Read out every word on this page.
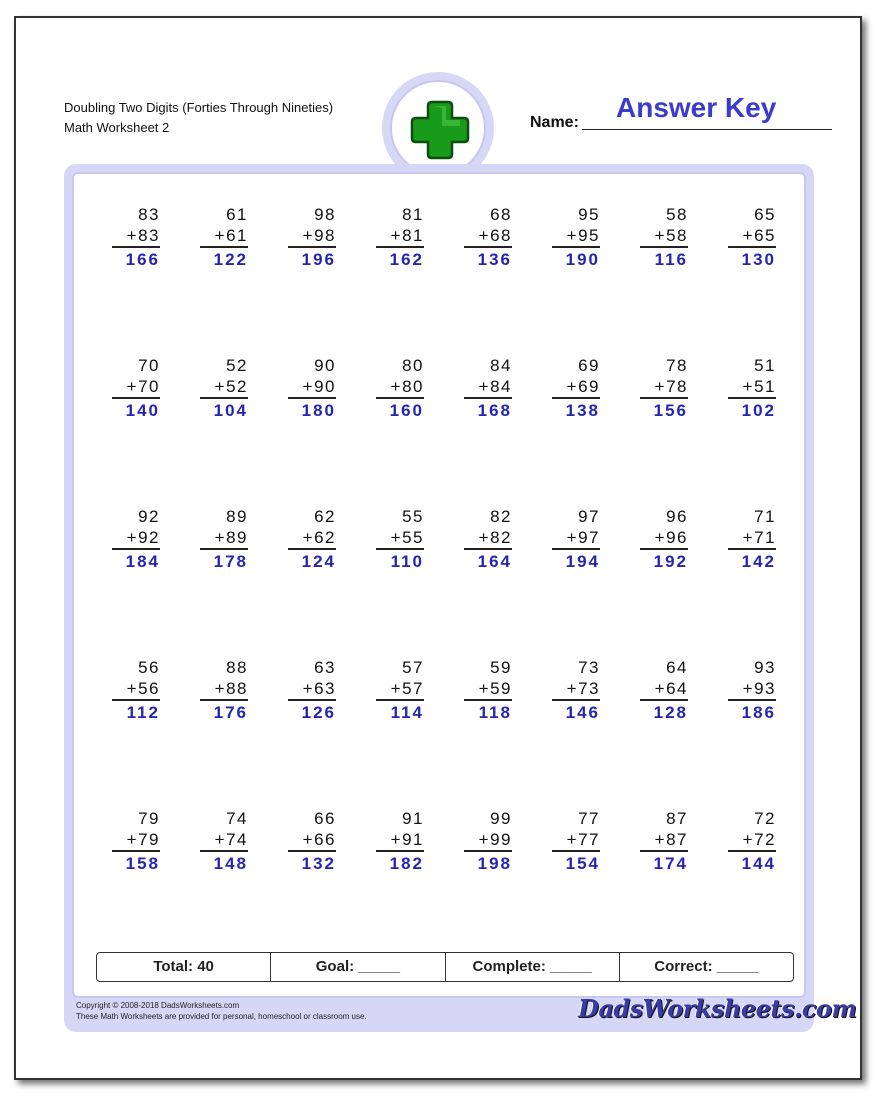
Doubling Two Digits (Forties Through Nineties)
Math Worksheet 2	Name: Answer Key
83
+83
166
61
+61
122
98
+98
196
81
+81
162
68
+68
136
95
+95
190
58
+58
116
65
+65
130
70
+70
140
52
+52
104
90
+90
180
80
+80
160
84
+84
168
69
+69
138
78
+78
156
51
+51
102
92
+92
184
89
+89
178
62
+62
124
55
+55
110
82
+82
164
97
+97
194
96
+96
192
71
+71
142
56
+56
112
88
+88
176
63
+63
126
57
+57
114
59
+59
118
73
+73
146
64
+64
128
93
+93
186
79
+79
158
74
+74
148
66
+66
132
91
+91
182
99
+99
198
77
+77
154
87
+87
174
72
+72
144
Total: 40	Goal: _____	Complete: _____	Correct: _____
Copyright © 2008-2018 DadsWorksheets.com
These Math Worksheets are provided for personal, homeschool or classroom use.	DadsWorksheets.com
